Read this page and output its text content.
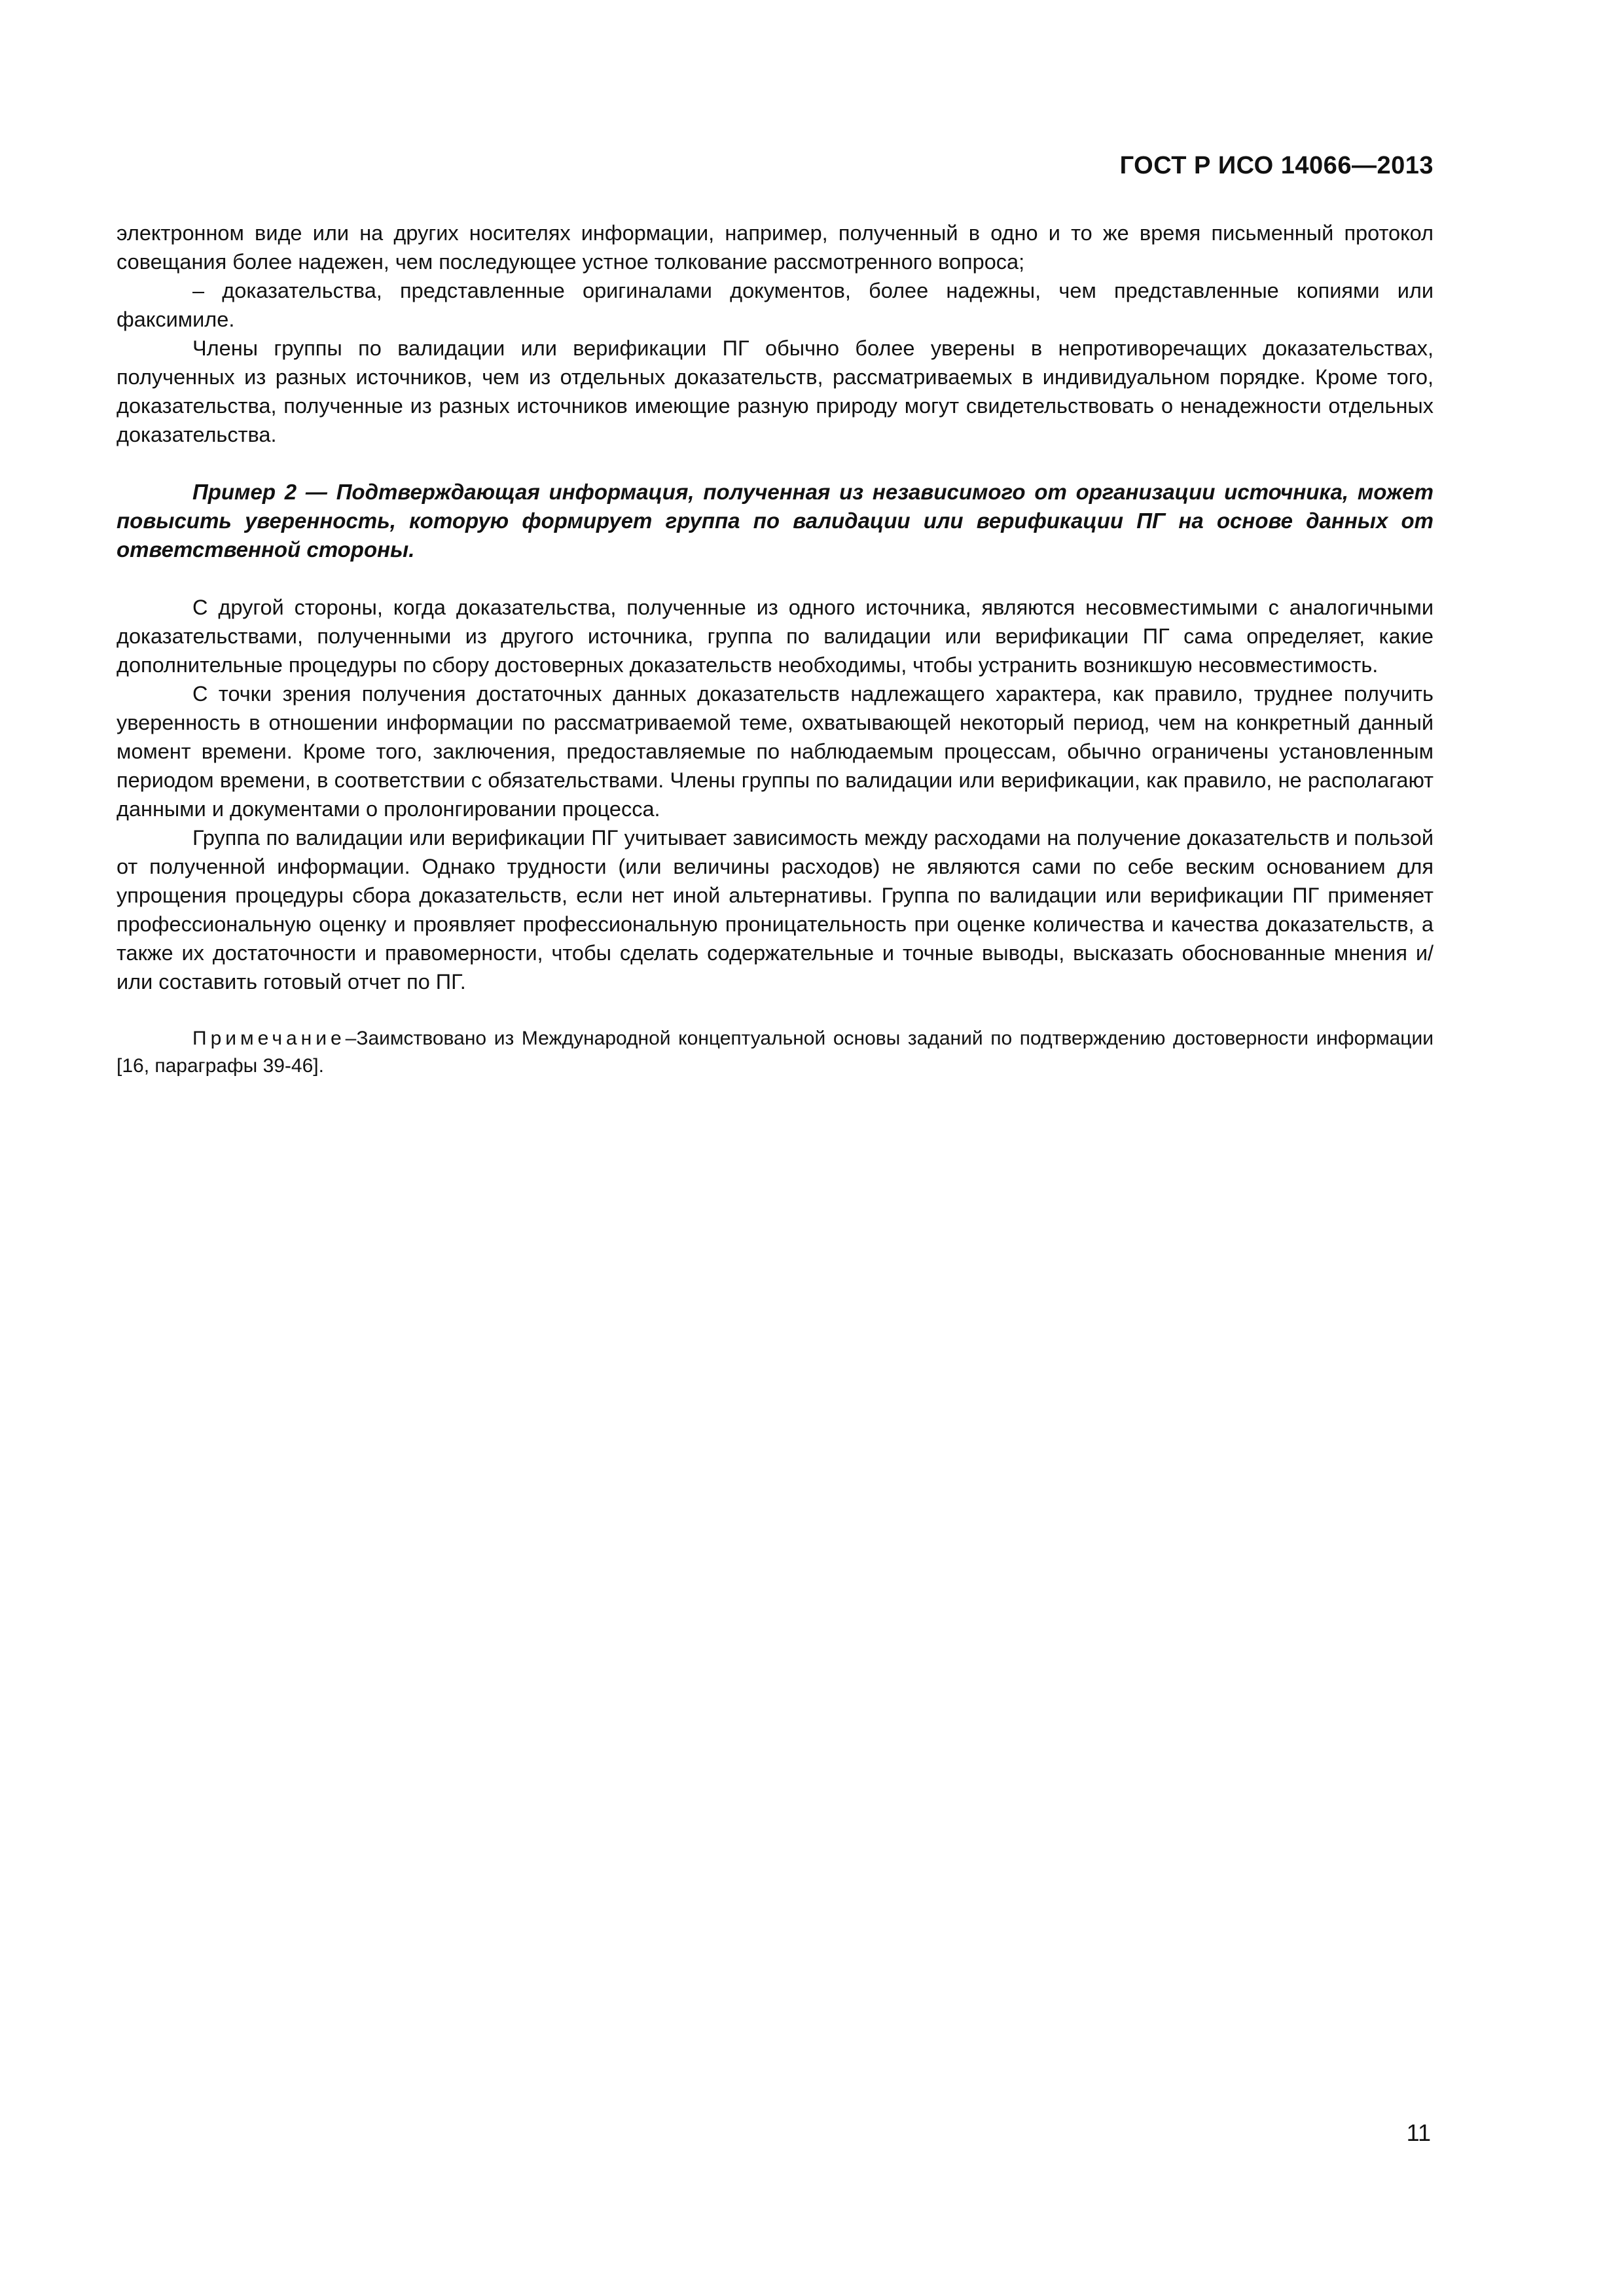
ГОСТ Р ИСО 14066—2013

электронном виде или на других носителях информации, например, полученный в одно и то же время письменный протокол совещания более надежен, чем последующее устное толкование рассмотренного вопроса;

– доказательства, представленные оригиналами документов, более надежны, чем представленные копиями или факсимиле.

Члены группы по валидации или верификации ПГ обычно более уверены в непротиворечащих доказательствах, полученных из разных источников, чем из отдельных доказательств, рассматриваемых в индивидуальном порядке. Кроме того, доказательства, полученные из разных источников имеющие разную природу могут свидетельствовать о ненадежности отдельных доказательства.

Пример 2 — Подтверждающая информация, полученная из независимого от организации источника, может повысить уверенность, которую формирует группа по валидации или верификации ПГ на основе данных от ответственной стороны.

С другой стороны, когда доказательства, полученные из одного источника, являются несовместимыми с аналогичными доказательствами, полученными из другого источника, группа по валидации или верификации ПГ сама определяет, какие дополнительные процедуры по сбору достоверных доказательств необходимы, чтобы устранить возникшую несовместимость.

С точки зрения получения достаточных данных доказательств надлежащего характера, как правило, труднее получить уверенность в отношении информации по рассматриваемой теме, охватывающей некоторый период, чем на конкретный данный момент времени. Кроме того, заключения, предоставляемые по наблюдаемым процессам, обычно ограничены установленным периодом времени, в соответствии с обязательствами. Члены группы по валидации или верификации, как правило, не располагают данными и документами о пролонгировании процесса.

Группа по валидации или верификации ПГ учитывает зависимость между расходами на получение доказательств и пользой от полученной информации. Однако трудности (или величины расходов) не являются сами по себе веским основанием для упрощения процедуры сбора доказательств, если нет иной альтернативы. Группа по валидации или верификации ПГ применяет профессиональную оценку и проявляет профессиональную проницательность при оценке количества и качества доказательств, а также их достаточности и правомерности, чтобы сделать содержательные и точные выводы, высказать обоснованные мнения и/или составить готовый отчет по ПГ.

Примечание–Заимствовано из Международной концептуальной основы заданий по подтверждению достоверности информации [16, параграфы 39-46].

11
